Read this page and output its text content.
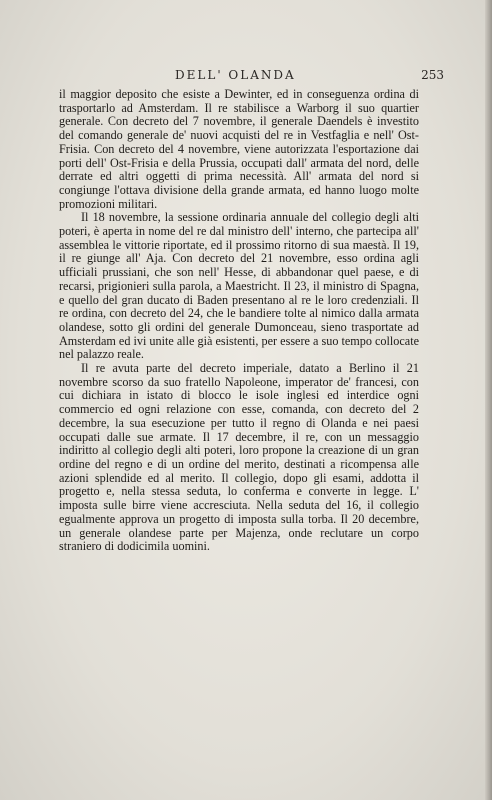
DELL' OLANDA	253

il maggior deposito che esiste a Dewinter, ed in conseguenza ordina di trasportarlo ad Amsterdam. Il re stabilisce a Warborg il suo quartier generale. Con decreto del 7 novembre, il generale Daendels è investito del comando generale de' nuovi acquisti del re in Vestfaglia e nell' Ost-Frisia. Con decreto del 4 novembre, viene autorizzata l'esportazione dai porti dell' Ost-Frisia e della Prussia, occupati dall' armata del nord, delle derrate ed altri oggetti di prima necessità. All' armata del nord si congiunge l'ottava divisione della grande armata, ed hanno luogo molte promozioni militari.

Il 18 novembre, la sessione ordinaria annuale del collegio degli alti poteri, è aperta in nome del re dal ministro dell' interno, che partecipa all' assemblea le vittorie riportate, ed il prossimo ritorno di sua maestà. Il 19, il re giunge all' Aja. Con decreto del 21 novembre, esso ordina agli ufficiali prussiani, che son nell' Hesse, di abbandonar quel paese, e di recarsi, prigionieri sulla parola, a Maestricht. Il 23, il ministro di Spagna, e quello del gran ducato di Baden presentano al re le loro credenziali. Il re ordina, con decreto del 24, che le bandiere tolte al nimico dalla armata olandese, sotto gli ordini del generale Dumonceau, sieno trasportate ad Amsterdam ed ivi unite alle già esistenti, per essere a suo tempo collocate nel palazzo reale.

Il re avuta parte del decreto imperiale, datato a Berlino il 21 novembre scorso da suo fratello Napoleone, imperator de' francesi, con cui dichiara in istato di blocco le isole inglesi ed interdice ogni commercio ed ogni relazione con esse, comanda, con decreto del 2 decembre, la sua esecuzione per tutto il regno di Olanda e nei paesi occupati dalle sue armate. Il 17 decembre, il re, con un messaggio indiritto al collegio degli alti poteri, loro propone la creazione di un gran ordine del regno e di un ordine del merito, destinati a ricompensa alle azioni splendide ed al merito. Il collegio, dopo gli esami, addotta il progetto e, nella stessa seduta, lo conferma e converte in legge. L' imposta sulle birre viene accresciuta. Nella seduta del 16, il collegio egualmente approva un progetto di imposta sulla torba. Il 20 decembre, un generale olandese parte per Majenza, onde reclutare un corpo straniero di dodicimila uomini.
